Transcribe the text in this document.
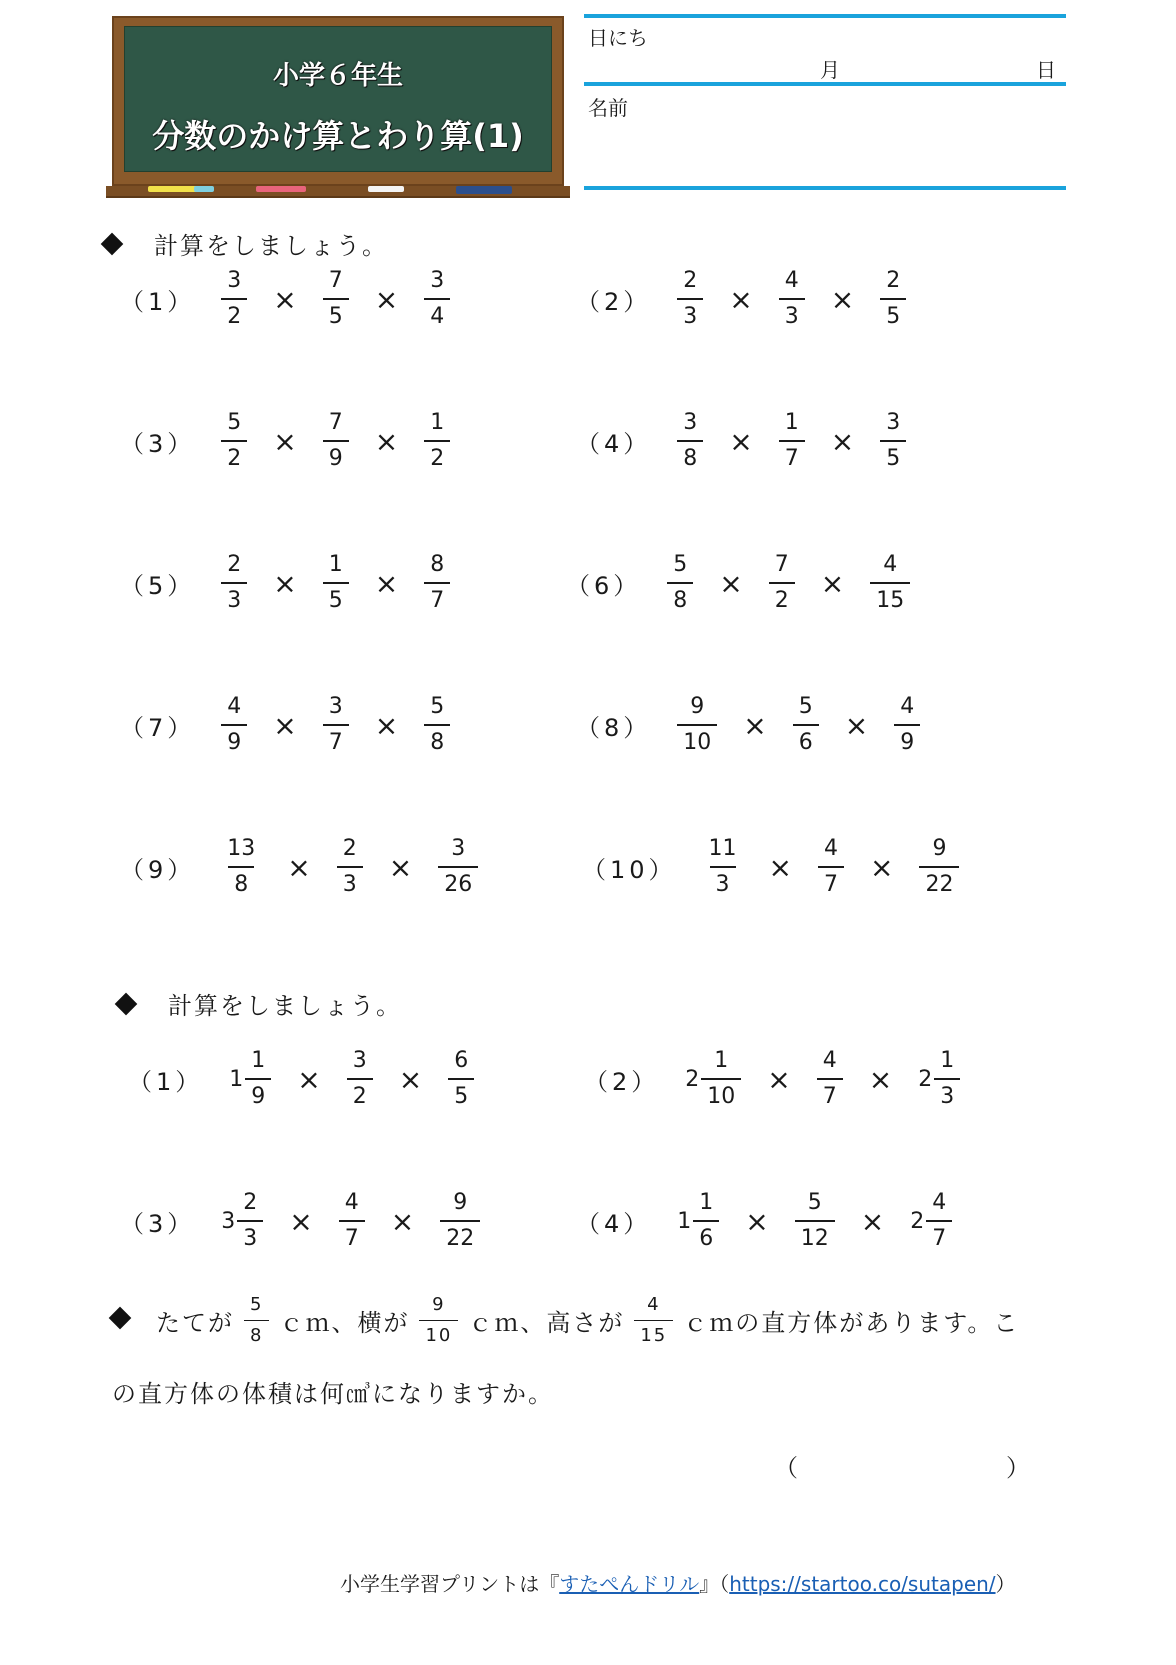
小学６年生
分数のかけ算とわり算(1)
日にち
月	日
名前
計算をしましょう。
$(1) \frac{3}{2} \times \frac{7}{5} \times \frac{3}{4}$	$(2) \frac{2}{3} \times \frac{4}{3} \times \frac{2}{5}$
$(3) \frac{5}{2} \times \frac{7}{9} \times \frac{1}{2}$	$(4) \frac{3}{8} \times \frac{1}{7} \times \frac{3}{5}$
$(5) \frac{2}{3} \times \frac{1}{5} \times \frac{8}{7}$	$(6) \frac{5}{8} \times \frac{7}{2} \times \frac{4}{15}$
$(7) \frac{4}{9} \times \frac{3}{7} \times \frac{5}{8}$	$(8) \frac{9}{10} \times \frac{5}{6} \times \frac{4}{9}$
$(9) \frac{13}{8} \times \frac{2}{3} \times \frac{3}{26}$	$(10) \frac{11}{3} \times \frac{4}{7} \times \frac{9}{22}$
計算をしましょう。
（1） $1 \frac{1}{9} \times \frac{3}{2} \times \frac{6}{5}$	（2） $2 \frac{1}{10} \times \frac{4}{7} \times 2 \frac{1}{3}$
（3） $3 \frac{2}{3} \times \frac{4}{7} \times \frac{9}{22}$	（4） $1 \frac{1}{6} \times \frac{5}{12} \times 2 \frac{4}{7}$
たてが $\frac{5}{8}$ ｃｍ、横が $\frac{9}{10}$ ｃｍ、高さが $\frac{4}{15}$ ｃｍの直方体があります。こ
の直方体の体積は何㎤になりますか。
（	）
小学生学習プリントは『すたぺんドリル』（https://startoo.co/sutapen/）
